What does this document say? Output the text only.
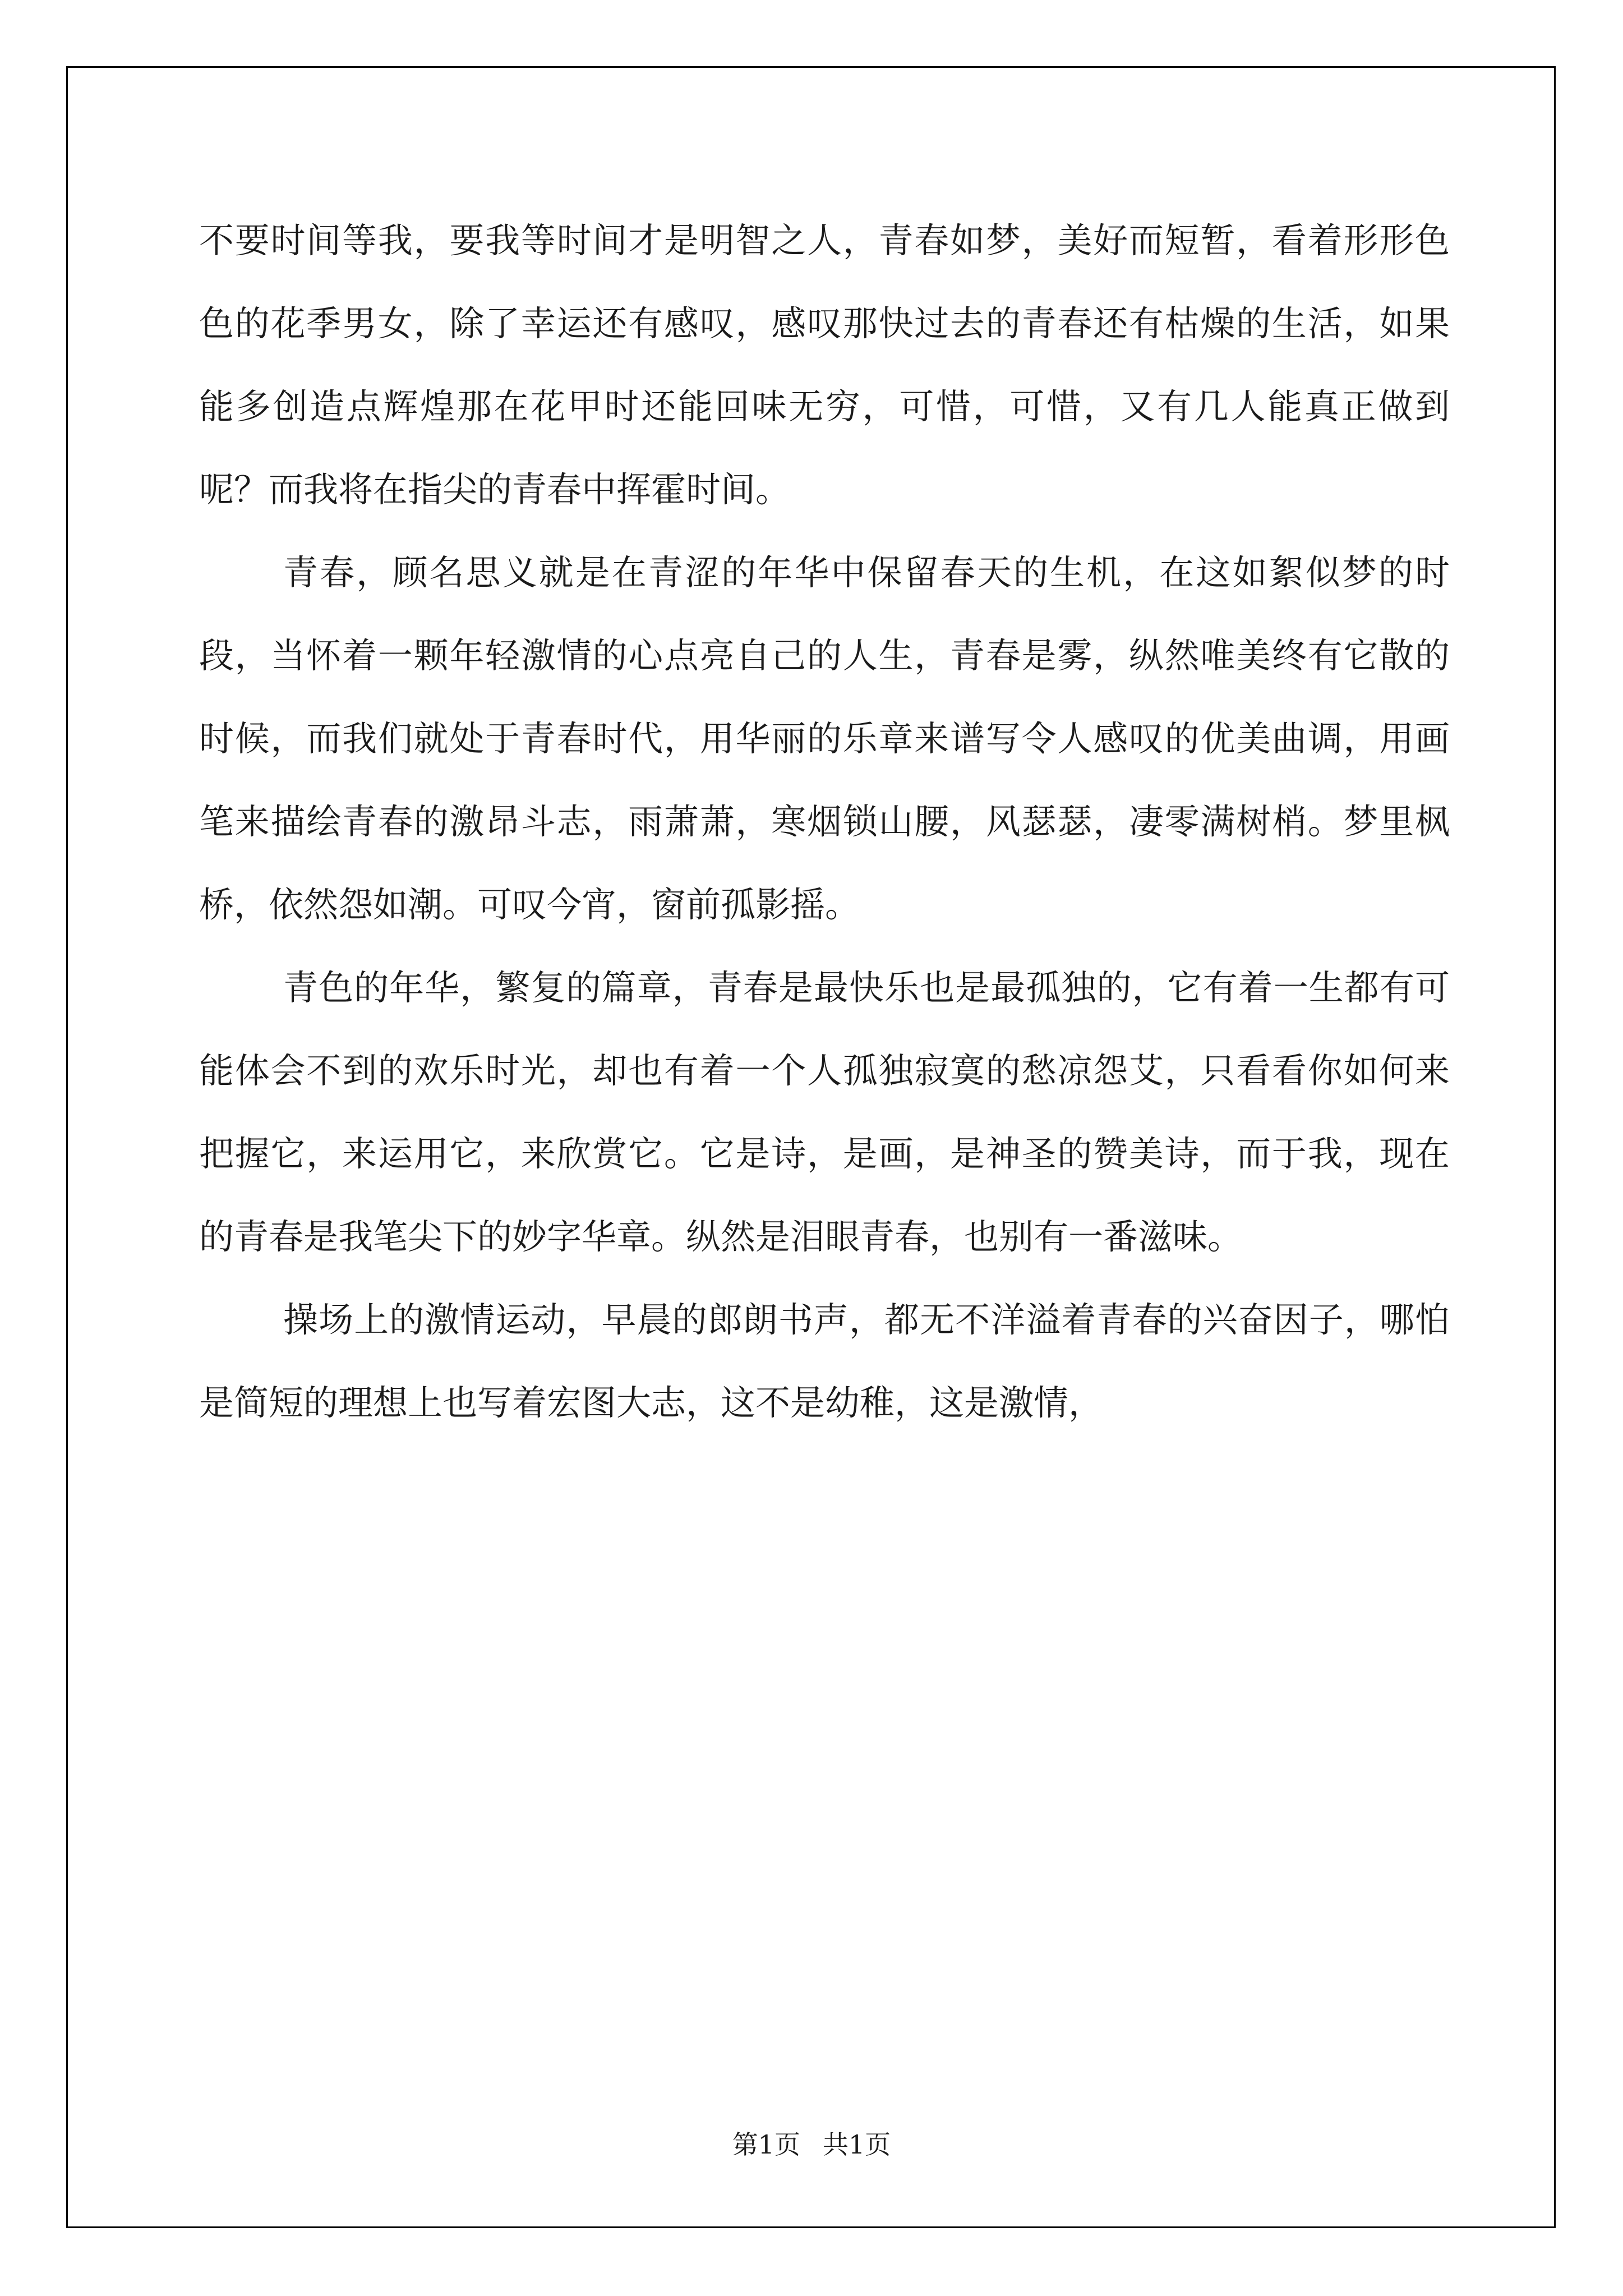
不要时间等我，要我等时间才是明智之人，青春如梦，美好而短暂，看着形形色色的花季男女，除了幸运还有感叹，感叹那快过去的青春还有枯燥的生活，如果能多创造点辉煌那在花甲时还能回味无穷，可惜，可惜，又有几人能真正做到呢？而我将在指尖的青春中挥霍时间。

青春，顾名思义就是在青涩的年华中保留春天的生机，在这如絮似梦的时段，当怀着一颗年轻激情的心点亮自己的人生，青春是雾，纵然唯美终有它散的时候，而我们就处于青春时代，用华丽的乐章来谱写令人感叹的优美曲调，用画笔来描绘青春的激昂斗志，雨萧萧，寒烟锁山腰，风瑟瑟，凄零满树梢。梦里枫桥，依然怨如潮。可叹今宵，窗前孤影摇。

青色的年华，繁复的篇章，青春是最快乐也是最孤独的，它有着一生都有可能体会不到的欢乐时光，却也有着一个人孤独寂寞的愁凉怨艾，只看看你如何来把握它，来运用它，来欣赏它。它是诗，是画，是神圣的赞美诗，而于我，现在的青春是我笔尖下的妙字华章。纵然是泪眼青春，也别有一番滋味。

操场上的激情运动，早晨的郎朗书声，都无不洋溢着青春的兴奋因子，哪怕是简短的理想上也写着宏图大志，这不是幼稚，这是激情，

第1页 共1页
